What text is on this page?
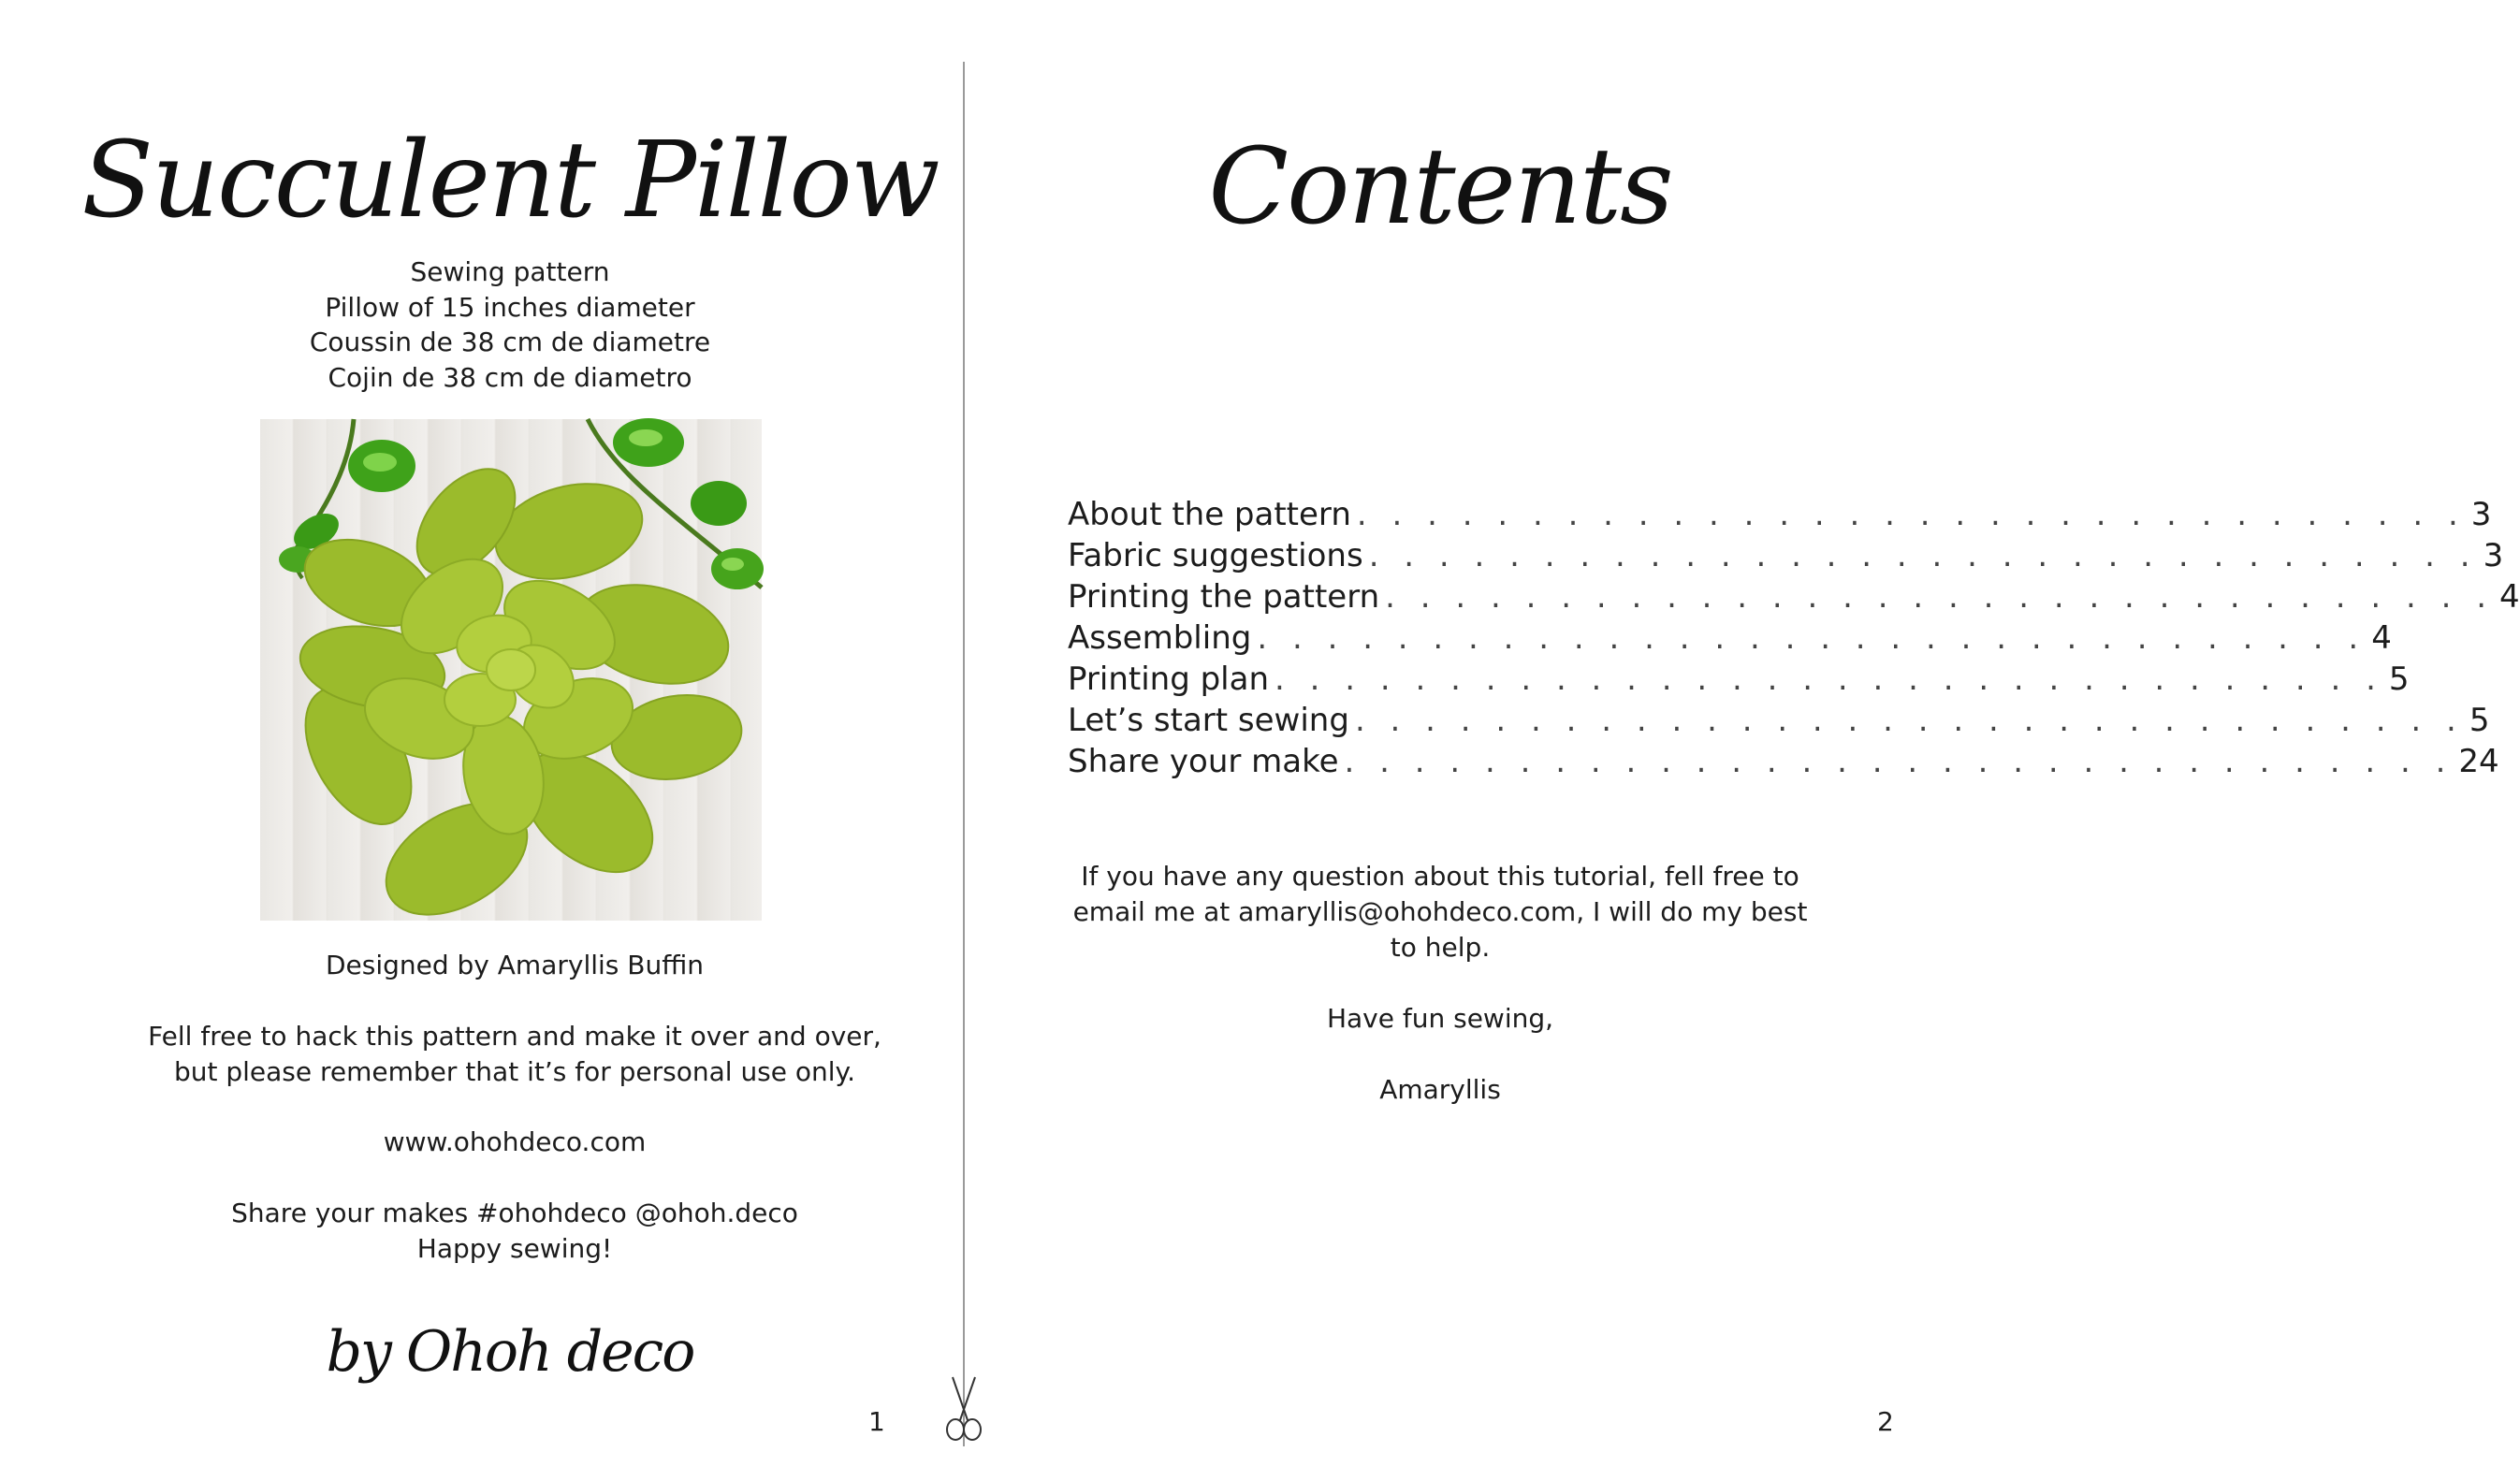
Succulent Pillow
Sewing pattern
Pillow of 15 inches diameter
Coussin de 38 cm de diametre
Cojin de 38 cm de diametro
Designed by Amaryllis Buffin
Fell free to hack this pattern and make it over and over,
but please remember that it’s for personal use only.
www.ohohdeco.com
Share your makes #ohohdeco @ohoh.deco
Happy sewing!
by Ohoh deco
1
Contents
About the pattern . . . . . . . . . . . . . . . . . . . . . . . . . . . . . . . . 3
Fabric suggestions . . . . . . . . . . . . . . . . . . . . . . . . . . . . . . . . 3
Printing the pattern . . . . . . . . . . . . . . . . . . . . . . . . . . . . . . . . 4
Assembling . . . . . . . . . . . . . . . . . . . . . . . . . . . . . . . . 4
Printing plan . . . . . . . . . . . . . . . . . . . . . . . . . . . . . . . . 5
Let’s start sewing . . . . . . . . . . . . . . . . . . . . . . . . . . . . . . . . 5
Share your make . . . . . . . . . . . . . . . . . . . . . . . . . . . . . . . . 24
If you have any question about this tutorial, fell free to
email me at amaryllis@ohohdeco.com, I will do my best
to help.
Have fun sewing,
Amaryllis
2
